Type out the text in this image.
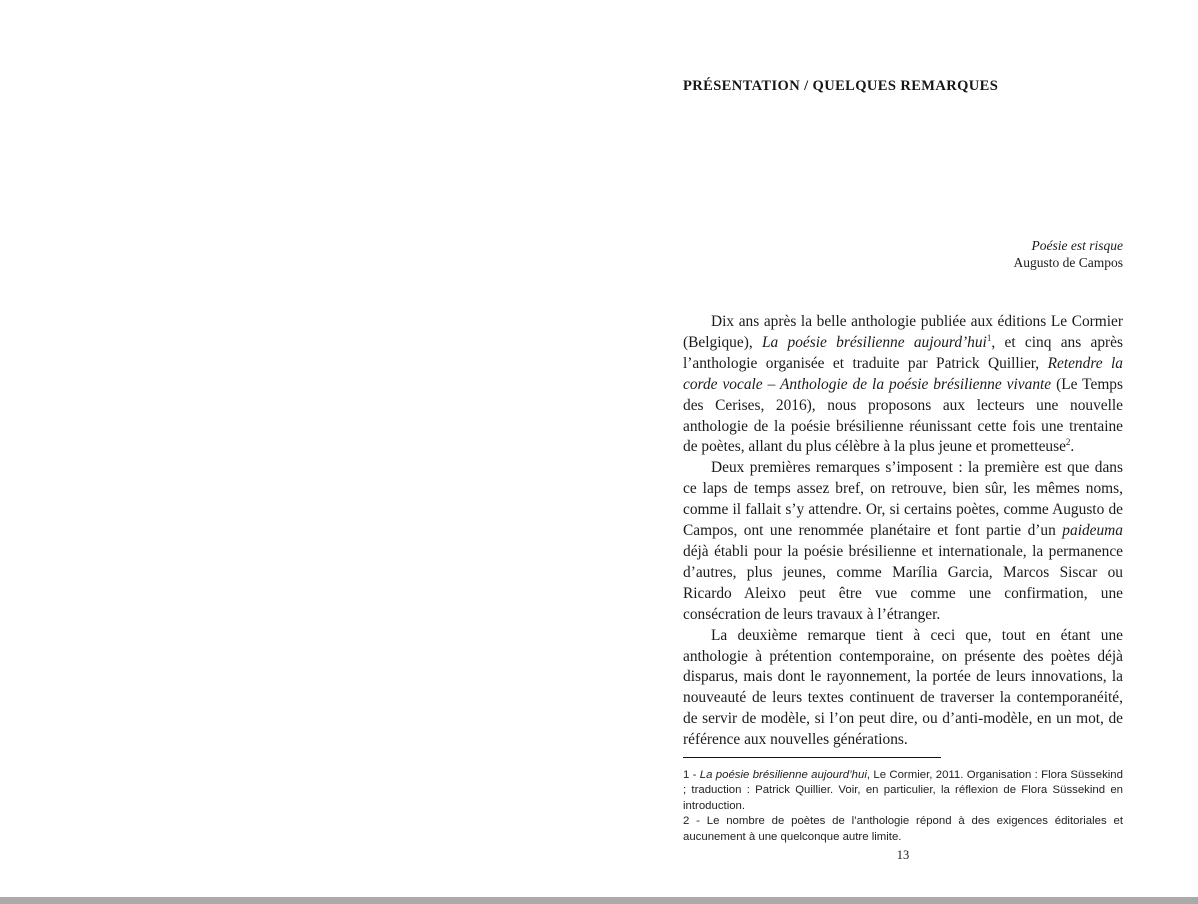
PRÉSENTATION / QUELQUES REMARQUES
Poésie est risque
Augusto de Campos

Dix ans après la belle anthologie publiée aux éditions Le Cormier (Belgique), La poésie brésilienne aujourd’hui$^1$, et cinq ans après l’anthologie organisée et traduite par Patrick Quillier, Retendre la corde vocale – Anthologie de la poésie brésilienne vivante (Le Temps des Cerises, 2016), nous proposons aux lecteurs une nouvelle anthologie de la poésie brésilienne réunissant cette fois une trentaine de poètes, allant du plus célèbre à la plus jeune et prometteuse$^2$.

Deux premières remarques s’imposent : la première est que dans ce laps de temps assez bref, on retrouve, bien sûr, les mêmes noms, comme il fallait s’y attendre. Or, si certains poètes, comme Augusto de Campos, ont une renommée planétaire et font partie d’un paideuma déjà établi pour la poésie brésilienne et internationale, la permanence d’autres, plus jeunes, comme Marília Garcia, Marcos Siscar ou Ricardo Aleixo peut être vue comme une confirmation, une consécration de leurs travaux à l’étranger.

La deuxième remarque tient à ceci que, tout en étant une anthologie à prétention contemporaine, on présente des poètes déjà disparus, mais dont le rayonnement, la portée de leurs innovations, la nouveauté de leurs textes continuent de traverser la contemporanéité, de servir de modèle, si l’on peut dire, ou d’anti-modèle, en un mot, de référence aux nouvelles générations.

1 - La poésie brésilienne aujourd’hui, Le Cormier, 2011. Organisation : Flora Süssekind ; traduction : Patrick Quillier. Voir, en particulier, la réflexion de Flora Süssekind en introduction.

2 - Le nombre de poètes de l’anthologie répond à des exigences éditoriales et aucunement à une quelconque autre limite.

13
